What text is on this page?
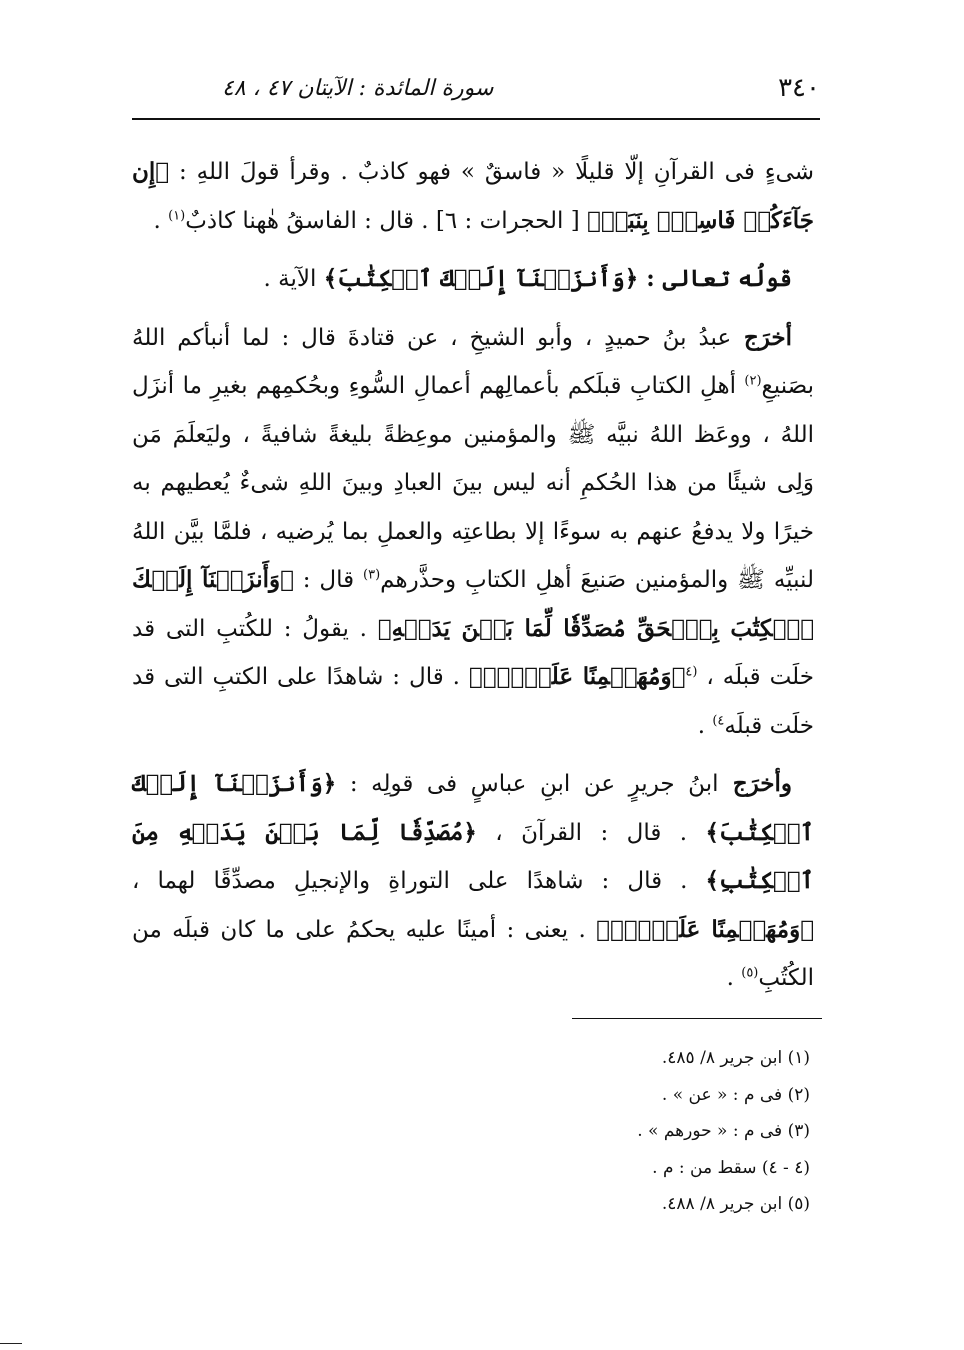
٣٤٠
سورة المائدة : الآيتان ٤٧ ، ٤٨

شىءٍ فى القرآنِ إلّا قليلًا « فاسقٌ » فهو كاذبٌ . وقرأ قولَ اللهِ : ﴿إِن جَآءَكُمۡ فَاسِقُۢ بِنَبَإٖ﴾ [ الحجرات : ٦] . قال : الفاسقُ هٰهنا كاذبٌ$^{(١)}$ .

قولُه تعالى : ﴿وَأَنزَلۡنَآ إِلَيۡكَ ٱلۡكِتَٰبَ﴾ الآية .

أخرَج عبدُ بنُ حميدٍ ، وأبو الشيخِ ، عن قتادةَ قال : لما أنبأكم اللهُ بصَنيعِ$^{(٢)}$ أهلِ الكتابِ قبلَكم بأعمالِهم أعمالِ السُّوءِ وبحُكمِهم بغيرِ ما أنزَل اللهُ ، ووعَظ اللهُ نبيَّه ﷺ والمؤمنين موعِظةً بليغةً شافيةً ، وليَعلَمَ مَن وَلِى شيئًا من هذا الحُكمِ أنه ليس بينَ العبادِ وبينَ اللهِ شىءٌ يُعطيهم به خيرًا ولا يدفعُ عنهم به سوءًا إلا بطاعتِه والعملِ بما يُرضيه ، فلمَّا بيَّن اللهُ لنبيِّه ﷺ والمؤمنين صَنيعَ أهلِ الكتابِ وحذَّرهم$^{(٣)}$ قال : ﴿وَأَنزَلۡنَآ إِلَيۡكَ ٱلۡكِتَٰبَ بِٱلۡحَقِّ مُصَدِّقٗا لِّمَا بَيۡنَ يَدَيۡهِ﴾ . يقولُ : للكُتبِ التى قد خلَت قبلَه ، $^{(٤}$﴿وَمُهَيۡمِنًا عَلَيۡهِۖ﴾ . قال : شاهدًا على الكتبِ التى قد خلَت قبلَه$^{٤)}$ .

وأخرَج ابنُ جريرٍ عن ابنِ عباسٍ فى قولِه : ﴿وَأَنزَلۡنَآ إِلَيۡكَ ٱلۡكِتَٰبَ﴾ . قال : القرآنَ ، ﴿مُصَدِّقٗا لِّمَا بَيۡنَ يَدَيۡهِ مِنَ ٱلۡكِتَٰبِ﴾ . قال : شاهدًا على التوراةِ والإنجيلِ مصدِّقًا لهما ، ﴿وَمُهَيۡمِنًا عَلَيۡهِۖ﴾ . يعنى : أمينًا عليه يحكمُ على ما كان قبلَه من الكُتُبِ$^{(٥)}$ .

(١) ابن جرير ٨/ ٤٨٥.
(٢) فى م : « عن » .
(٣) فى م : « حورهم » .
(٤ - ٤) سقط من : م .
(٥) ابن جرير ٨/ ٤٨٨.
